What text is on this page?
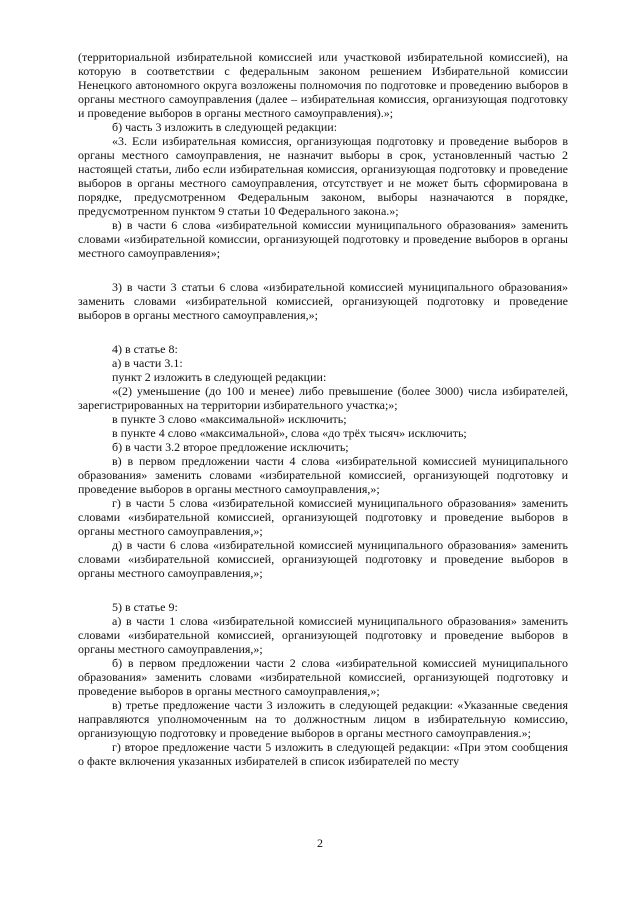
(территориальной избирательной комиссией или участковой избирательной комиссией), на которую в соответствии с федеральным законом решением Избирательной комиссии Ненецкого автономного округа возложены полномочия по подготовке и проведению выборов в органы местного самоуправления (далее – избирательная комиссия, организующая подготовку и проведение выборов в органы местного самоуправления).»;

б) часть 3 изложить в следующей редакции:

«3. Если избирательная комиссия, организующая подготовку и проведение выборов в органы местного самоуправления, не назначит выборы в срок, установленный частью 2 настоящей статьи, либо если избирательная комиссия, организующая подготовку и проведение выборов в органы местного самоуправления, отсутствует и не может быть сформирована в порядке, предусмотренном Федеральным законом, выборы назначаются в порядке, предусмотренном пунктом 9 статьи 10 Федерального закона.»;

в) в части 6 слова «избирательной комиссии муниципального образования» заменить словами «избирательной комиссии, организующей подготовку и проведение выборов в органы местного самоуправления»;

3) в части 3 статьи 6 слова «избирательной комиссией муниципального образования» заменить словами «избирательной комиссией, организующей подготовку и проведение выборов в органы местного самоуправления,»;

4) в статье 8:

а) в части 3.1:

пункт 2 изложить в следующей редакции:

«(2) уменьшение (до 100 и менее) либо превышение (более 3000) числа избирателей, зарегистрированных на территории избирательного участка;»;

в пункте 3 слово «максимальной» исключить;

в пункте 4 слово «максимальной», слова «до трёх тысяч» исключить;

б) в части 3.2 второе предложение исключить;

в) в первом предложении части 4 слова «избирательной комиссией муниципального образования» заменить словами «избирательной комиссией, организующей подготовку и проведение выборов в органы местного самоуправления,»;

г) в части 5 слова «избирательной комиссией муниципального образования» заменить словами «избирательной комиссией, организующей подготовку и проведение выборов в органы местного самоуправления,»;

д) в части 6 слова «избирательной комиссией муниципального образования» заменить словами «избирательной комиссией, организующей подготовку и проведение выборов в органы местного самоуправления,»;

5) в статье 9:

а) в части 1 слова «избирательной комиссией муниципального образования» заменить словами «избирательной комиссией, организующей подготовку и проведение выборов в органы местного самоуправления,»;

б) в первом предложении части 2 слова «избирательной комиссией муниципального образования» заменить словами «избирательной комиссией, организующей подготовку и проведение выборов в органы местного самоуправления,»;

в) третье предложение части 3 изложить в следующей редакции: «Указанные сведения направляются уполномоченным на то должностным лицом в избирательную комиссию, организующую подготовку и проведение выборов в органы местного самоуправления.»;

г) второе предложение части 5 изложить в следующей редакции: «При этом сообщения о факте включения указанных избирателей в список избирателей по месту

2
